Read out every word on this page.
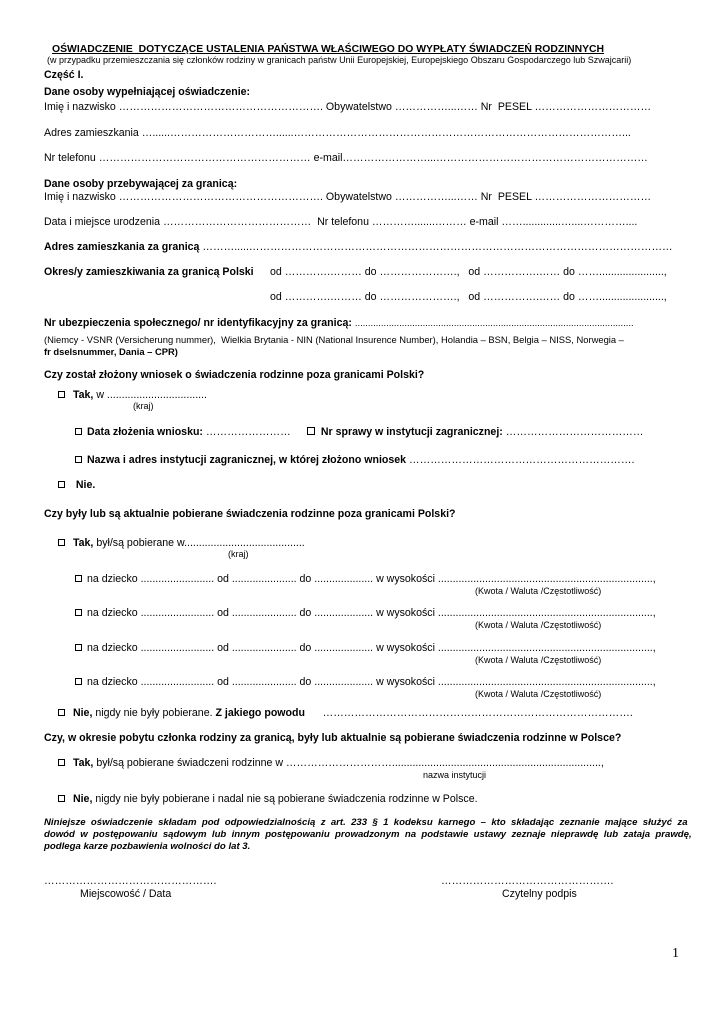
OŚWIADCZENIE  DOTYCZĄCE USTALENIA PAŃSTWA WŁAŚCIWEGO DO WYPŁATY ŚWIADCZEŃ RODZINNYCH
(w przypadku przemieszczania się członków rodziny w granicach państw Unii Europejskiej, Europejskiego Obszaru Gospodarczego lub Szwajcarii)
Część I.
Dane osoby wypełniającej oświadczenie:
Imię i nazwisko …………………………………………………. Obywatelstwo ……………...…… Nr  PESEL ……………………………
Adres zamieszkania …......…………………………......…………………………………………………………………………………...
Nr telefonu …………………………………………………… e-mail……………………...……………………………………………………
Dane osoby przebywającej za granicą:
Imię i nazwisko …………………………………………………. Obywatelstwo ……………...…… Nr  PESEL ……………………………
Data i miejsce urodzenia ……………………………………  Nr telefonu ………….......……… e-mail …….............…....…………....
Adres zamieszkania za granicą ……….....…………………………………………………………………………………………………………
Okres/y zamieszkiwania za granicą Polski od ………….……… do ………………….,   od …………….…… do ……......................,
od ………….……… do ………………….,   od …………….…… do ……......................,
Nr ubezpieczenia społecznego/ nr identyfikacyjny za granicą: ...........................................................................................................
(Niemcy - VSNR (Versicherung nummer),  Wielkia Brytania - NIN (National Insurence Number), Holandia – BSN, Belgia – NISS, Norwegia –
fr dselsnummer, Dania – CPR)
Czy został złożony wniosek o świadczenia rodzinne poza granicami Polski?
Tak, w ..................................
(kraj)
Data złożenia wniosku: ……………………	Nr sprawy w instytucji zagranicznej: …………………………………
Nazwa i adres instytucji zagranicznej, w której złożono wniosek ……………………………………………………….
Nie.
Czy były lub są aktualnie pobierane świadczenia rodzinne poza granicami Polski?
Tak, był/są pobierane w.........................................
(kraj)
na dziecko ......................... od ...................... do .................... w wysokości .........................................................................,
(Kwota / Waluta /Częstotliwość)
na dziecko ......................... od ...................... do .................... w wysokości .........................................................................,
(Kwota / Waluta /Częstotliwość)
na dziecko ......................... od ...................... do .................... w wysokości .........................................................................,
(Kwota / Waluta /Częstotliwość)
na dziecko ......................... od ...................... do .................... w wysokości .........................................................................,
(Kwota / Waluta /Częstotliwość)
Nie, nigdy nie były pobierane. Z jakiego powodu      …………………………………………………………………………….
Czy, w okresie pobytu członka rodziny za granicą, były lub aktualnie są pobierane świadczenia rodzinne w Polsce?
Tak, był/są pobierane świadczeni rodzinne w ………………………….......................................................................,
nazwa instytucji
Nie, nigdy nie były pobierane i nadal nie są pobierane świadczenia rodzinne w Polsce.
Niniejsze  oświadczenie  składam  pod  odpowiedzialnością  z  art.  233  §  1  kodeksu  karnego  –  kto  składając  zeznanie  mające  służyć  za
dowód  w  postępowaniu  sądowym  lub  innym  postępowaniu  prowadzonym  na  podstawie  ustawy  zeznaje  nieprawdę  lub  zataja  prawdę,
podlega karze pozbawienia wolności do lat 3.
………………………………………….
Miejscowość / Data
………………………………………….
Czytelny podpis
1
